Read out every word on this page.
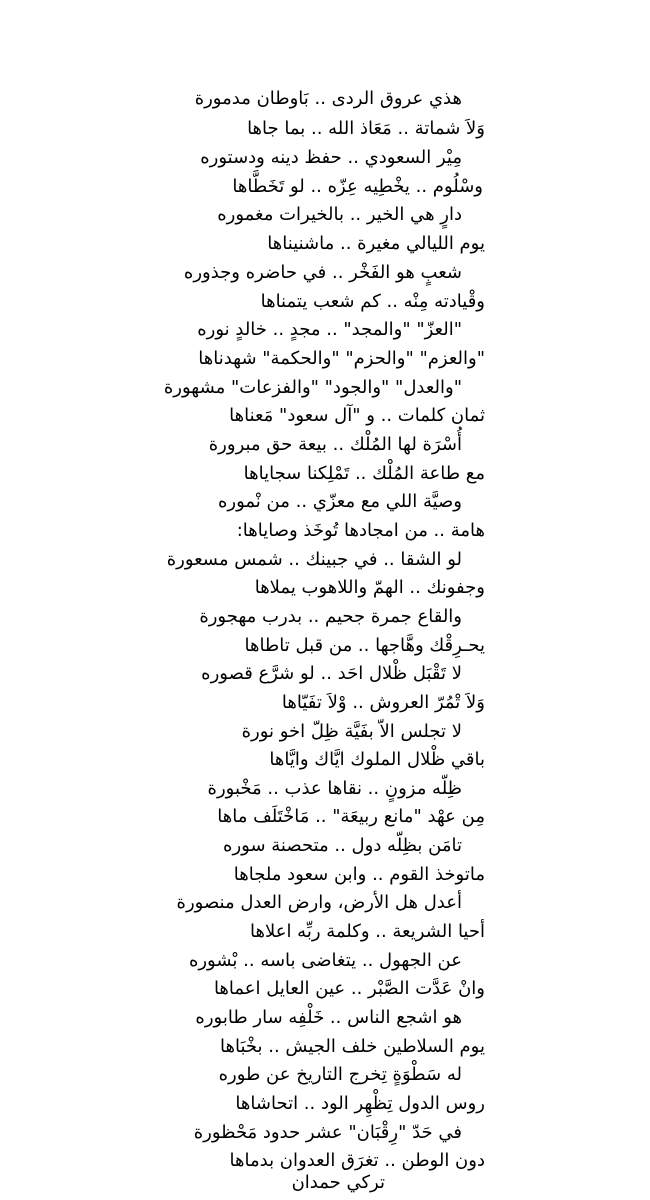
هذي عروق الردى .. بَاوطان مدمورة
وَلاَ شماتة .. مَعَاذ الله .. بما جاها
مِيْر السعودي .. حفظ دينه ودستوره
وسْلُوم .. يخْطِيه عِزّه .. لو تَخَطَّاها
دارٍ هي الخير .. بالخيرات مغموره
يوم الليالي مغيرة .. ماشنيناها
شعبٍ هو الفَخْر .. في حاضره وجذوره
وقْيادته مِنْه .. كم شعب يتمناها
"العزّ" "والمجد" .. مجدٍ .. خالدٍ نوره
"والعزم" "والحزم" "والحكمة" شهدناها
"والعدل" "والجود" "والفزعات" مشهورة
ثمان كلمات .. و "آل سعود" مَعناها
أُسْرَة لها المُلْك .. بيعة حق مبرورة
مع طاعة المُلْك .. تَمْلِكنا سجاياها
وصيَّة اللي مع معزّي .. من نْموره
هامة .. من امجادها تُوخَذ وصاياها:
لو الشقا .. في جبينك .. شمس مسعورة
وجفونك .. الهمّ واللاهوب يملاها
والقاع جمرة جحيم .. بدرب مهجورة
يحـرِقْك وهَّاجها .. من قبل تاطاها
لا تَقْبَل ظْلال احَد .. لو شرَّع قصوره
وَلاَ تْمُرّ العروش .. وْلاَ تفَيّاها
لا تجلس الاّ بفَيَّة ظِلّ اخو نورة
باقي ظْلال الملوك ايَّاك وايَّاها
ظِلّه مزونٍ .. نقاها عذب .. مَخْبورة
مِن عهْد "مانع ربيعَة" .. مَاخْتَلَف ماها
تامَن بظِلّه دول .. متحصنة سوره
ماتوخذ القوم .. وابن سعود ملجاها
أعدل هل الأرض، وارض العدل منصورة
أحيا الشريعة .. وكلمة ربِّه اعلاها
عن الجهول .. يتغاضى باسه .. بْشوره
وانْ عَدَّت الصَّبْر .. عين العايل اعماها
هو اشجع الناس .. خَلْفِه سار طابوره
يوم السلاطين خلف الجيش .. بخْبَاها
له سَطْوَةٍ تِخرج التاريخ عن طوره
روس الدول تِظْهِر الود .. اتحاشاها
في حَدّ "رِقْبَان" عشر حدود مَحْظورة
دون الوطن .. تغرَق العدوان بدماها
تركي حمدان
